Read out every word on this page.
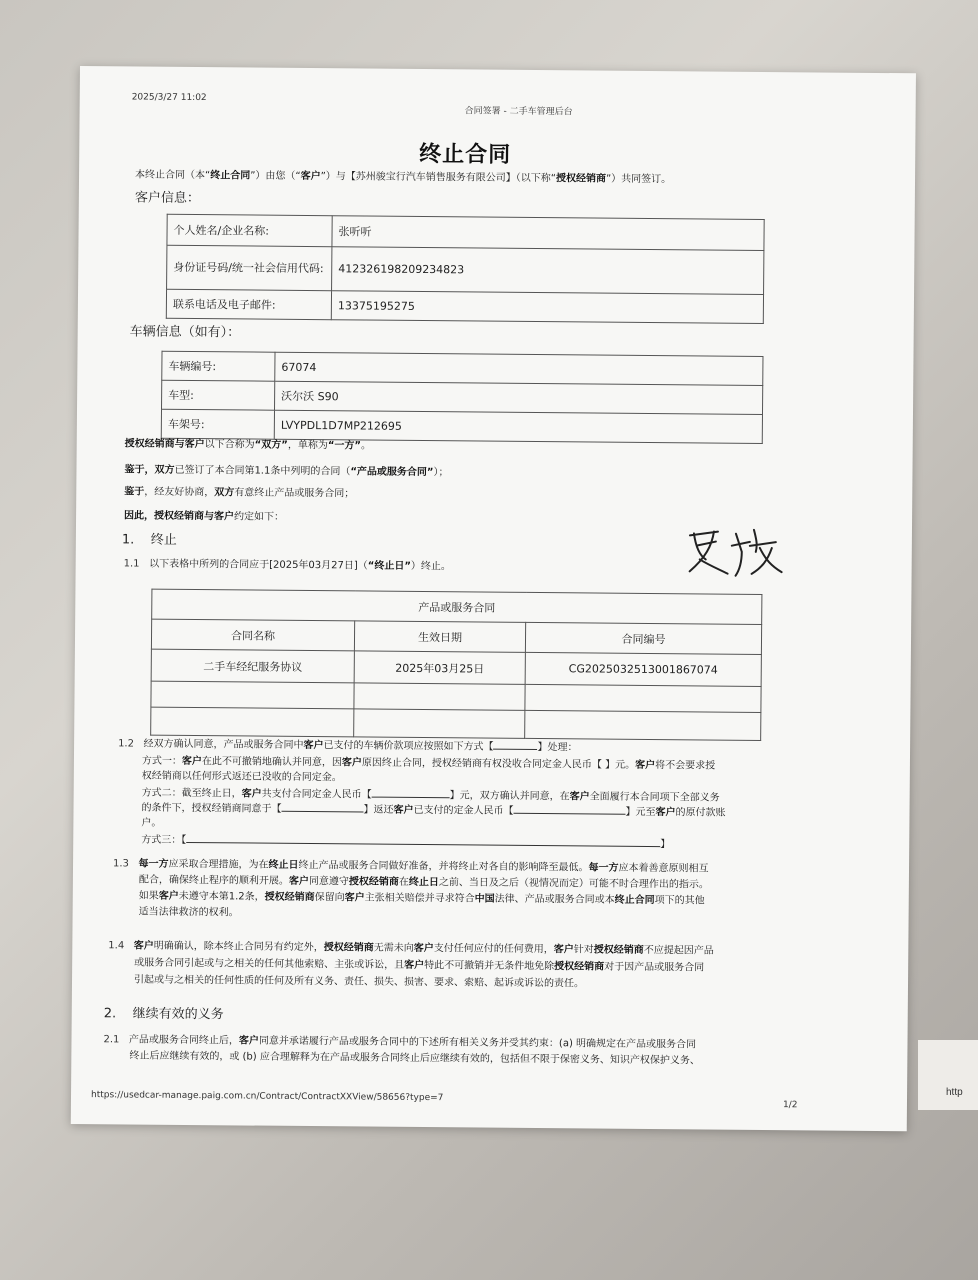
http
2025/3/27 11:02
合同签署 - 二手车管理后台
终止合同
本终止合同（本“终止合同”）由您（“客户”）与【苏州骏宝行汽车销售服务有限公司】（以下称“授权经销商”）共同签订。
客户信息：
个人姓名/企业名称:	张听听
身份证号码/统一社会信用代码:	412326198209234823
联系电话及电子邮件:	13375195275
车辆信息（如有）：
车辆编号:	67074
车型:	沃尔沃 S90
车架号:	LVYPDL1D7MP212695
授权经销商与客户以下合称为“双方”，单称为“一方”。
鉴于，双方已签订了本合同第1.1条中列明的合同（“产品或服务合同”）；
鉴于，经友好协商，双方有意终止产品或服务合同；
因此，授权经销商与客户约定如下：
1. 终止
1.1 以下表格中所列的合同应于[2025年03月27日]（“终止日”）终止。
产品或服务合同		
合同名称	生效日期	合同编号
二手车经纪服务协议	2025年03月25日	CG2025032513001867074

1.2 经双方确认同意，产品或服务合同中客户已支付的车辆价款项应按照如下方式【	】处理：
方式一：客户在此不可撤销地确认并同意，因客户原因终止合同，授权经销商有权没收合同定金人民币【 】元。客户将不会要求授
权经销商以任何形式返还已没收的合同定金。
方式二：截至终止日，客户共支付合同定金人民币【	】元，双方确认并同意，在客户全面履行本合同项下全部义务
的条件下，授权经销商同意于【	】返还客户已支付的定金人民币【	】元至客户的原付款账
户。
方式三：【	】
1.3 每一方应采取合理措施，为在终止日终止产品或服务合同做好准备，并将终止对各自的影响降至最低。每一方应本着善意原则相互
配合，确保终止程序的顺利开展。客户同意遵守授权经销商在终止日之前、当日及之后（视情况而定）可能不时合理作出的指示。
如果客户未遵守本第1.2条，授权经销商保留向客户主张相关赔偿并寻求符合中国法律、产品或服务合同或本终止合同项下的其他
适当法律救济的权利。
1.4 客户明确确认，除本终止合同另有约定外，授权经销商无需未向客户支付任何应付的任何费用，客户针对授权经销商不应提起因产品
或服务合同引起或与之相关的任何其他索赔、主张或诉讼，且客户特此不可撤销并无条件地免除授权经销商对于因产品或服务合同
引起或与之相关的任何性质的任何及所有义务、责任、损失、损害、要求、索赔、起诉或诉讼的责任。
2. 继续有效的义务
2.1 产品或服务合同终止后，客户同意并承诺履行产品或服务合同中的下述所有相关义务并受其约束：(a) 明确规定在产品或服务合同
终止后应继续有效的，或 (b) 应合理解释为在产品或服务合同终止后应继续有效的，包括但不限于保密义务、知识产权保护义务、
https://usedcar-manage.paig.com.cn/Contract/ContractXXView/58656?type=7
1/2
